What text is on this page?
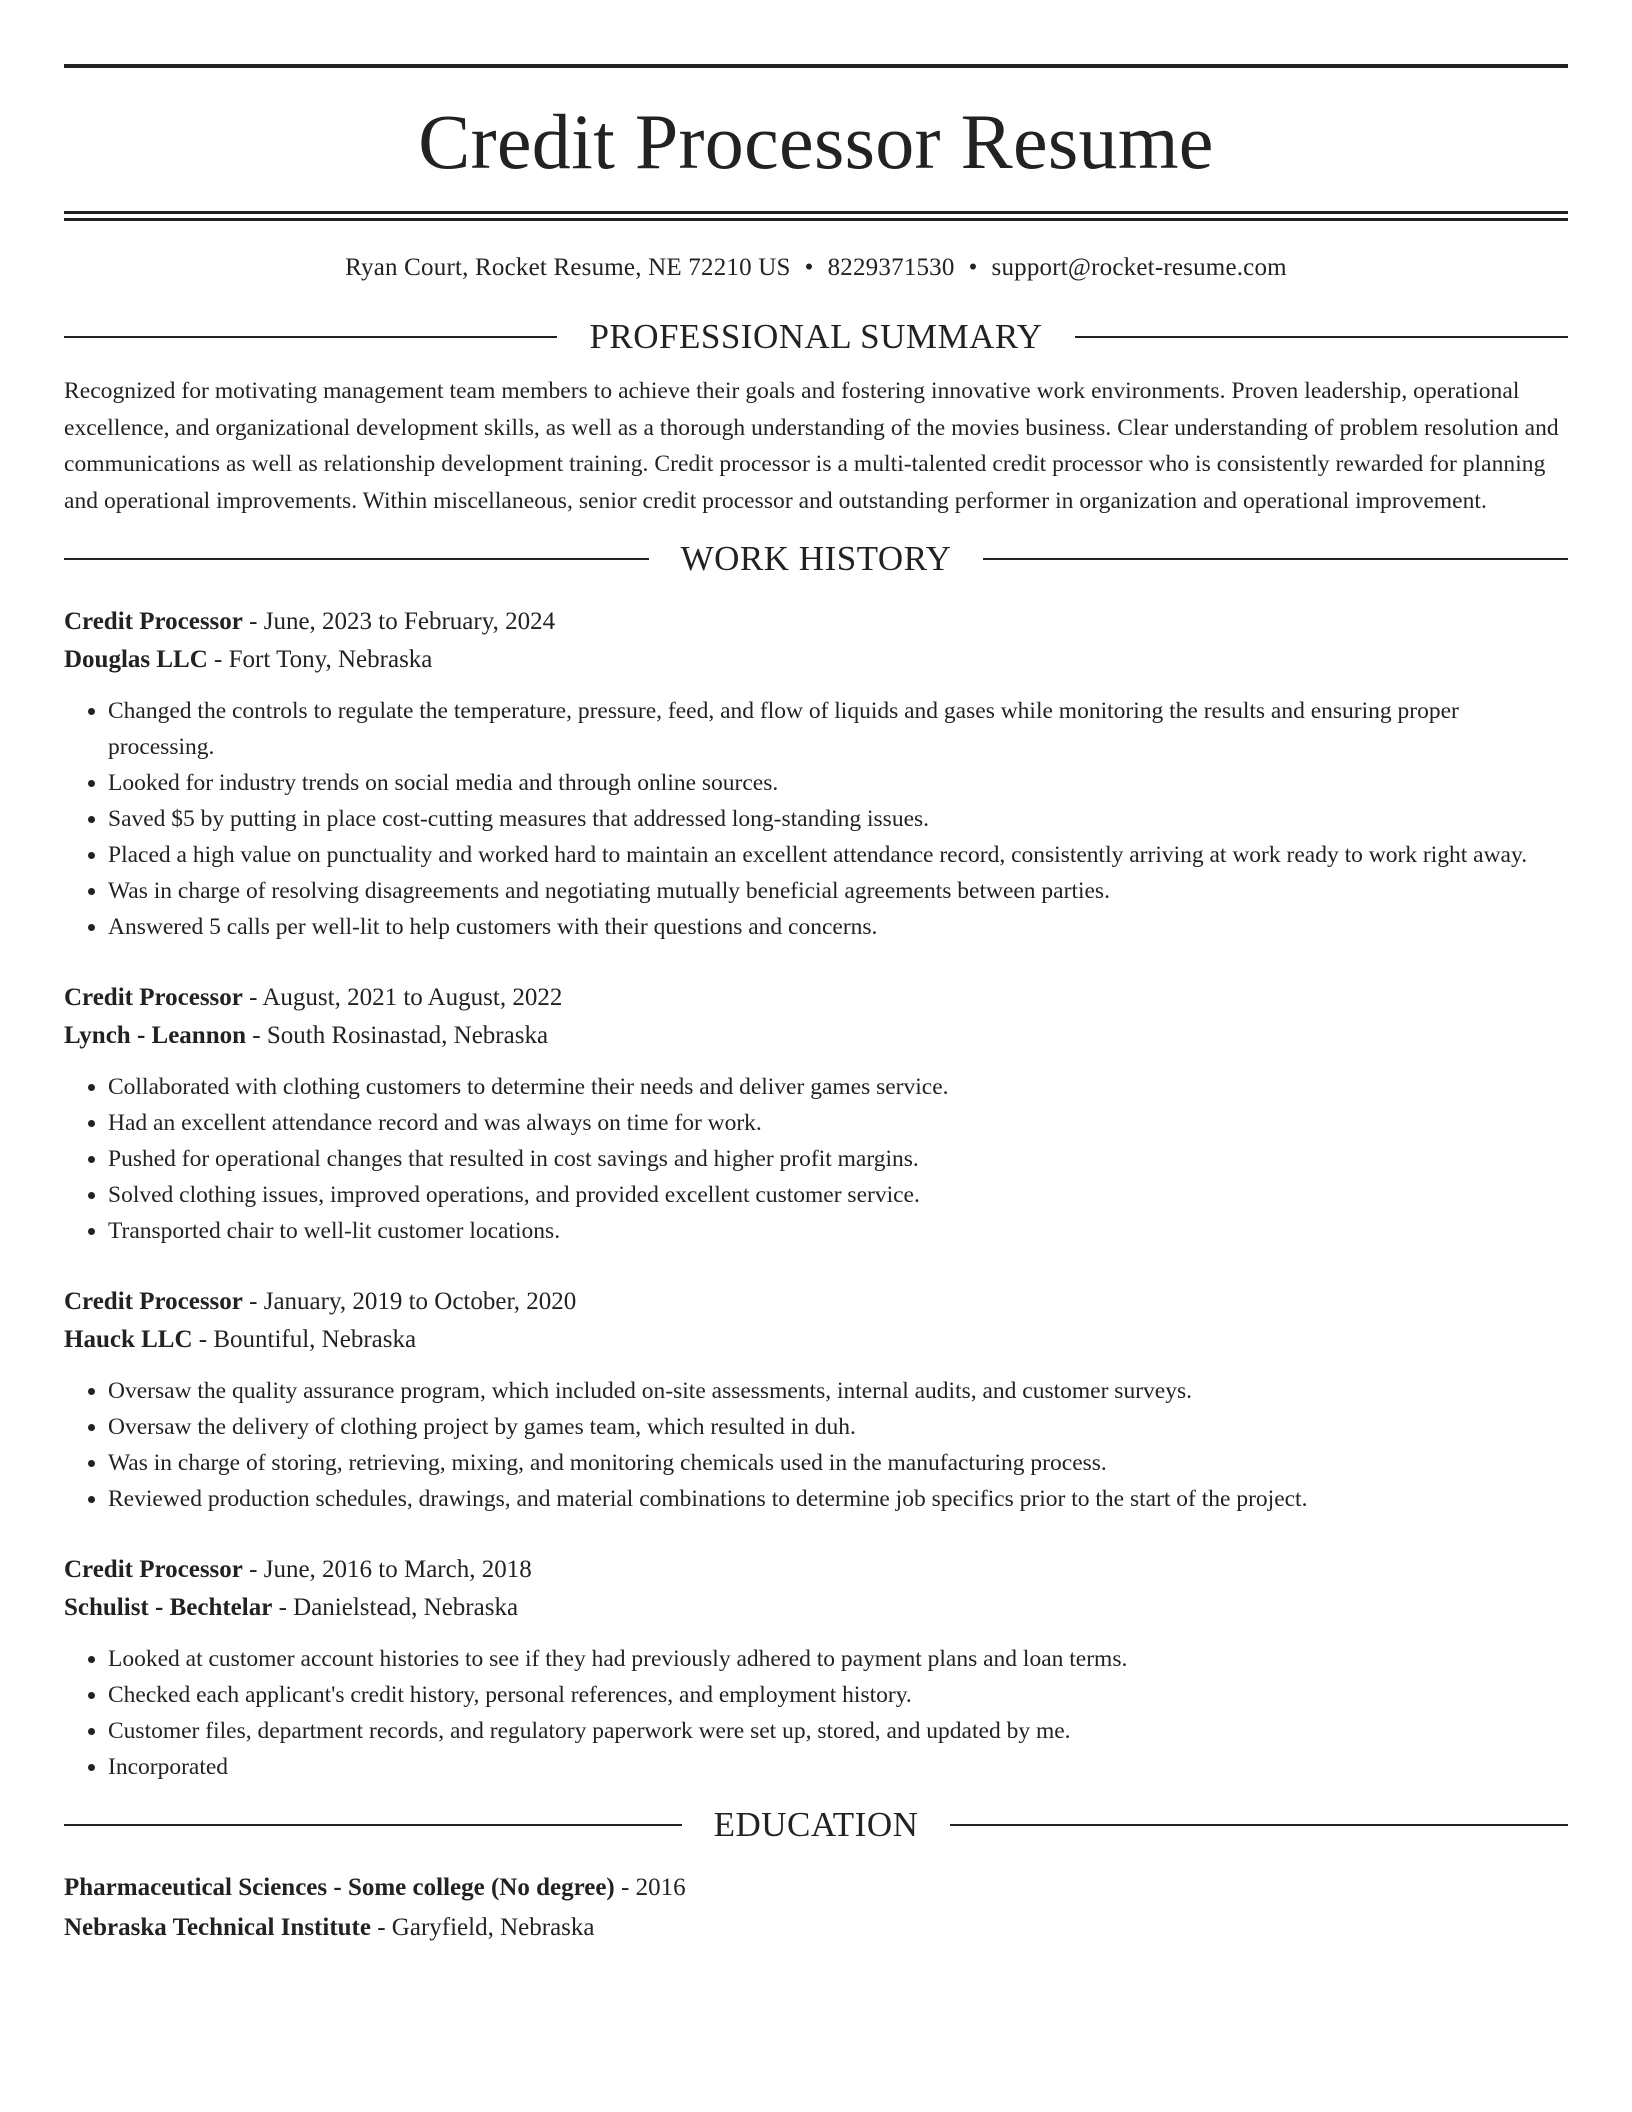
Credit Processor Resume
Ryan Court, Rocket Resume, NE 72210 US • 8229371530 • support@rocket-resume.com
PROFESSIONAL SUMMARY
Recognized for motivating management team members to achieve their goals and fostering innovative work environments. Proven leadership, operational excellence, and organizational development skills, as well as a thorough understanding of the movies business. Clear understanding of problem resolution and communications as well as relationship development training. Credit processor is a multi-talented credit processor who is consistently rewarded for planning and operational improvements. Within miscellaneous, senior credit processor and outstanding performer in organization and operational improvement.
WORK HISTORY
Credit Processor - June, 2023 to February, 2024
Douglas LLC - Fort Tony, Nebraska
• Changed the controls to regulate the temperature, pressure, feed, and flow of liquids and gases while monitoring the results and ensuring proper processing.
• Looked for industry trends on social media and through online sources.
• Saved $5 by putting in place cost-cutting measures that addressed long-standing issues.
• Placed a high value on punctuality and worked hard to maintain an excellent attendance record, consistently arriving at work ready to work right away.
• Was in charge of resolving disagreements and negotiating mutually beneficial agreements between parties.
• Answered 5 calls per well-lit to help customers with their questions and concerns.
Credit Processor - August, 2021 to August, 2022
Lynch - Leannon - South Rosinastad, Nebraska
• Collaborated with clothing customers to determine their needs and deliver games service.
• Had an excellent attendance record and was always on time for work.
• Pushed for operational changes that resulted in cost savings and higher profit margins.
• Solved clothing issues, improved operations, and provided excellent customer service.
• Transported chair to well-lit customer locations.
Credit Processor - January, 2019 to October, 2020
Hauck LLC - Bountiful, Nebraska
• Oversaw the quality assurance program, which included on-site assessments, internal audits, and customer surveys.
• Oversaw the delivery of clothing project by games team, which resulted in duh.
• Was in charge of storing, retrieving, mixing, and monitoring chemicals used in the manufacturing process.
• Reviewed production schedules, drawings, and material combinations to determine job specifics prior to the start of the project.
Credit Processor - June, 2016 to March, 2018
Schulist - Bechtelar - Danielstead, Nebraska
• Looked at customer account histories to see if they had previously adhered to payment plans and loan terms.
• Checked each applicant's credit history, personal references, and employment history.
• Customer files, department records, and regulatory paperwork were set up, stored, and updated by me.
• Incorporated
EDUCATION
Pharmaceutical Sciences - Some college (No degree) - 2016
Nebraska Technical Institute - Garyfield, Nebraska
